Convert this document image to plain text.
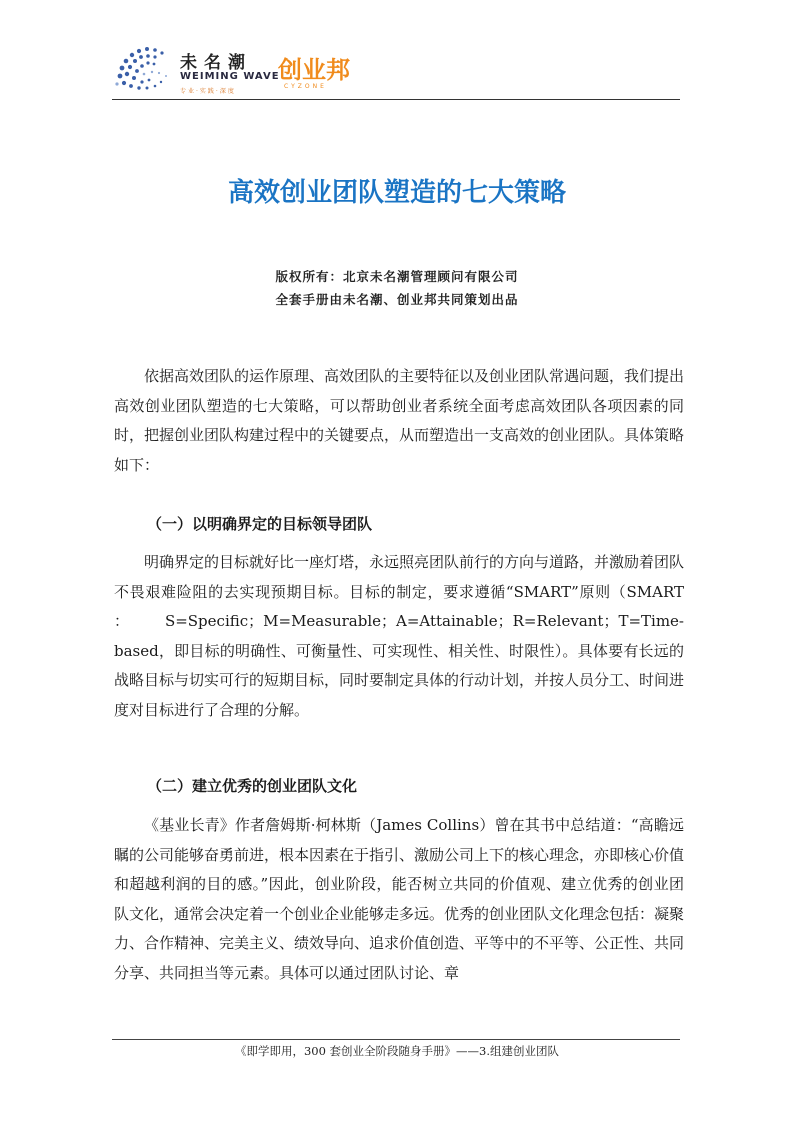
未名潮
WEIMING WAVE
专业·实践·深度
创业邦
CYZONE
高效创业团队塑造的七大策略
版权所有：北京未名潮管理顾问有限公司
全套手册由未名潮、创业邦共同策划出品

依据高效团队的运作原理、高效团队的主要特征以及创业团队常遇问题，我们提出高效创业团队塑造的七大策略，可以帮助创业者系统全面考虑高效团队各项因素的同时，把握创业团队构建过程中的关键要点，从而塑造出一支高效的创业团队。具体策略如下：

（一）以明确界定的目标领导团队

明确界定的目标就好比一座灯塔，永远照亮团队前行的方向与道路，并激励着团队不畏艰难险阻的去实现预期目标。目标的制定，要求遵循“SMART”原则（SMART ：S=Specific；M=Measurable；A=Attainable；R=Relevant；T=Time-based，即目标的明确性、可衡量性、可实现性、相关性、时限性）。具体要有长远的战略目标与切实可行的短期目标，同时要制定具体的行动计划，并按人员分工、时间进度对目标进行了合理的分解。

（二）建立优秀的创业团队文化

《基业长青》作者詹姆斯·柯林斯（James Collins）曾在其书中总结道：“高瞻远瞩的公司能够奋勇前进，根本因素在于指引、激励公司上下的核心理念，亦即核心价值和超越利润的目的感。”因此，创业阶段，能否树立共同的价值观、建立优秀的创业团队文化，通常会决定着一个创业企业能够走多远。优秀的创业团队文化理念包括：凝聚力、合作精神、完美主义、绩效导向、追求价值创造、平等中的不平等、公正性、共同分享、共同担当等元素。具体可以通过团队讨论、章

《即学即用，300 套创业全阶段随身手册》——3.组建创业团队
